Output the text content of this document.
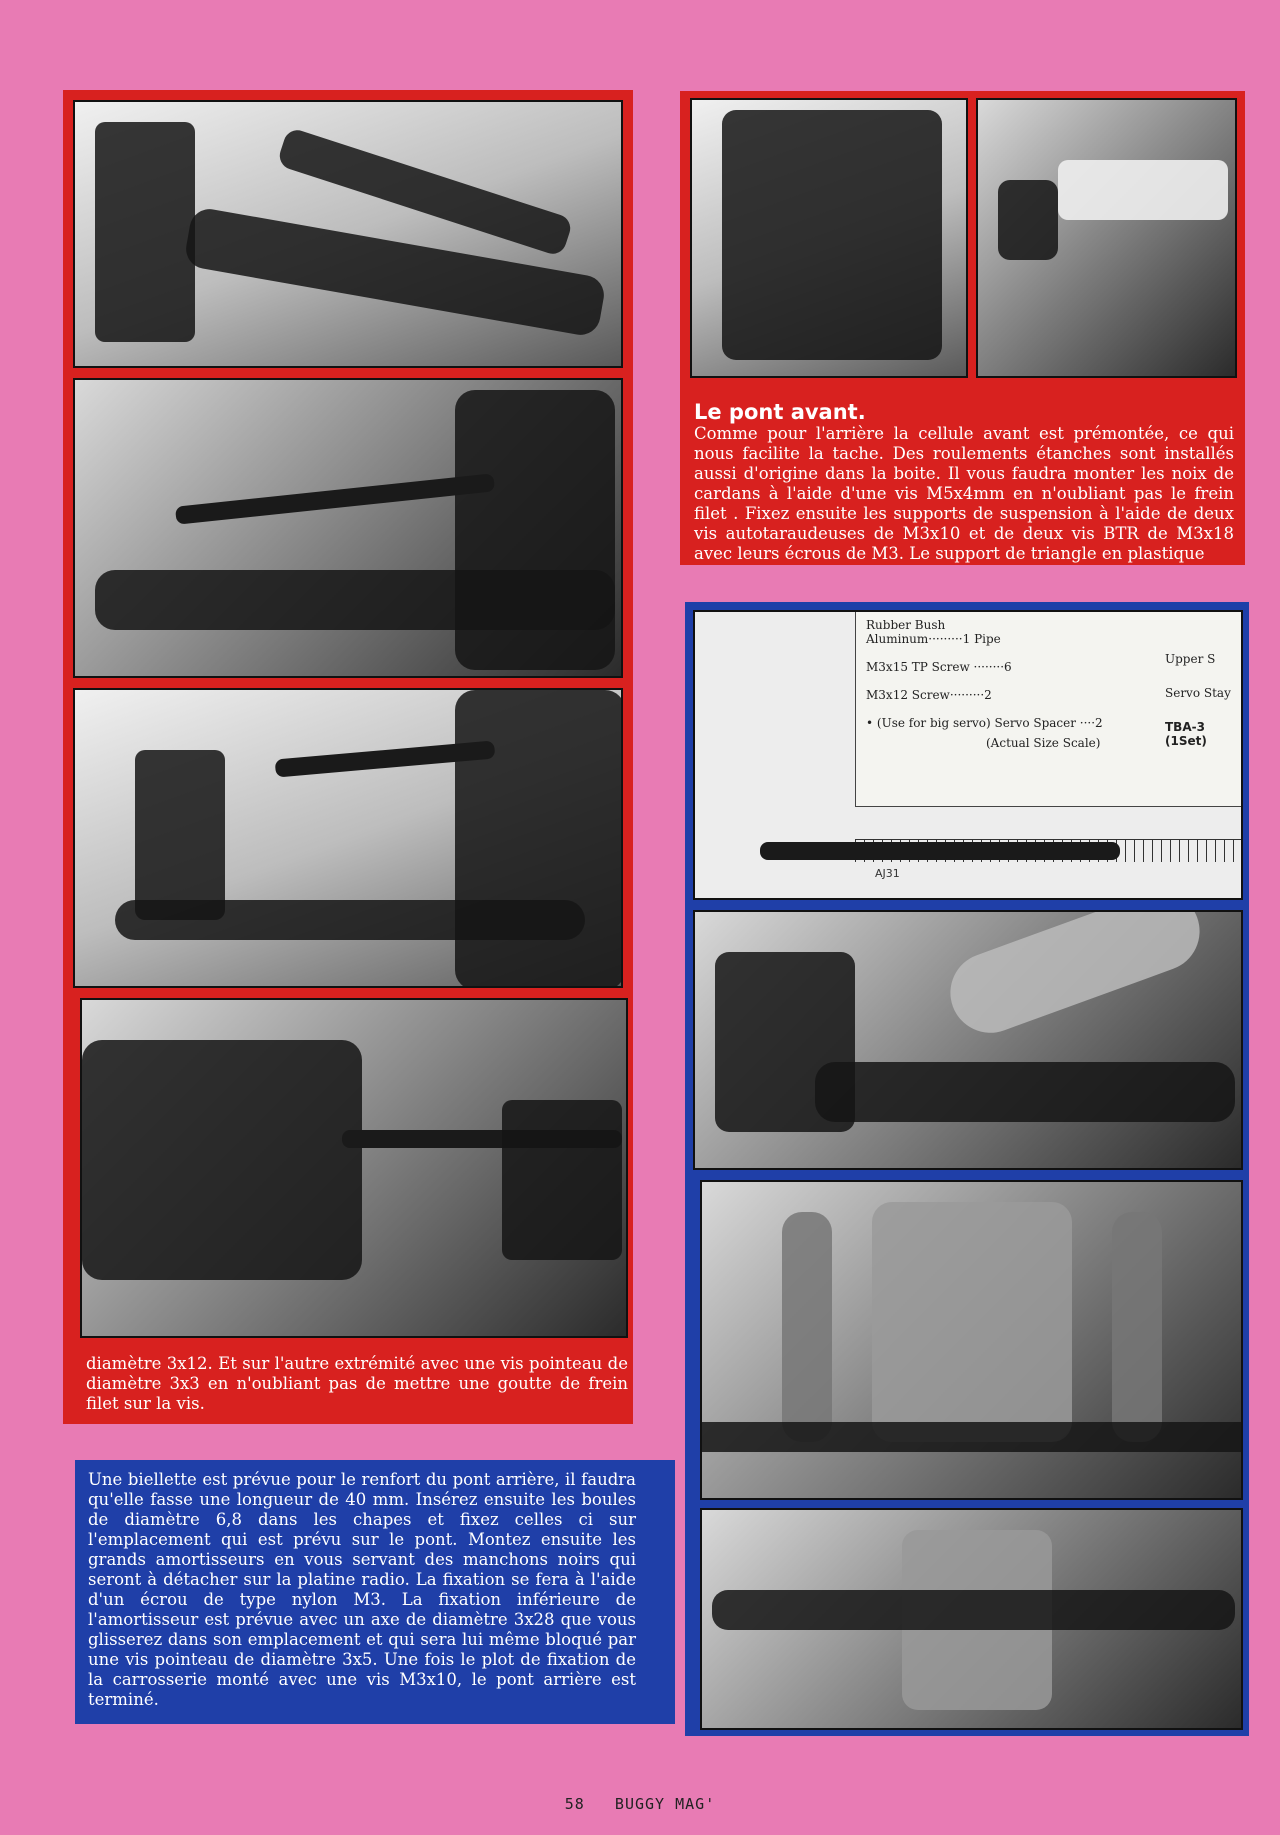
diamètre 3x12. Et sur l'autre extrémité avec une vis pointeau de diamètre 3x3 en n'oubliant pas de mettre une goutte de frein filet sur la vis.
Le pont avant.
Comme pour l'arrière la cellule avant est prémontée, ce qui nous facilite la tache. Des roulements étanches sont installés aussi d'origine dans la boite. Il vous faudra monter les noix de cardans à l'aide d'une vis M5x4mm en n'oubliant pas le frein filet . Fixez ensuite les supports de suspension à l'aide de deux vis autotaraudeuses de M3x10 et de deux vis BTR de M3x18 avec leurs écrous de M3. Le support de triangle en plastique
Rubber Bush
Aluminum·········1 Pipe
M3x15 TP Screw ········6
M3x12 Screw·········2
• (Use for big servo) Servo Spacer ····2
(Actual Size Scale)
Upper S
Servo Stay
TBA-3 (1Set)
AJ31
Une biellette est prévue pour le renfort du pont arrière, il faudra qu'elle fasse une longueur de 40 mm. Insérez ensuite les boules de diamètre 6,8 dans les chapes et fixez celles ci sur l'emplacement qui est prévu sur le pont. Montez ensuite les grands amortisseurs en vous servant des manchons noirs qui seront à détacher sur la platine radio. La fixation se fera à l'aide d'un écrou de type nylon M3. La fixation inférieure de l'amortisseur est prévue avec un axe de diamètre 3x28 que vous glisserez dans son emplacement et qui sera lui même bloqué par une vis pointeau de diamètre 3x5. Une fois le plot de fixation de la carrosserie monté avec une vis M3x10, le pont arrière est terminé.
58 BUGGY MAG'
